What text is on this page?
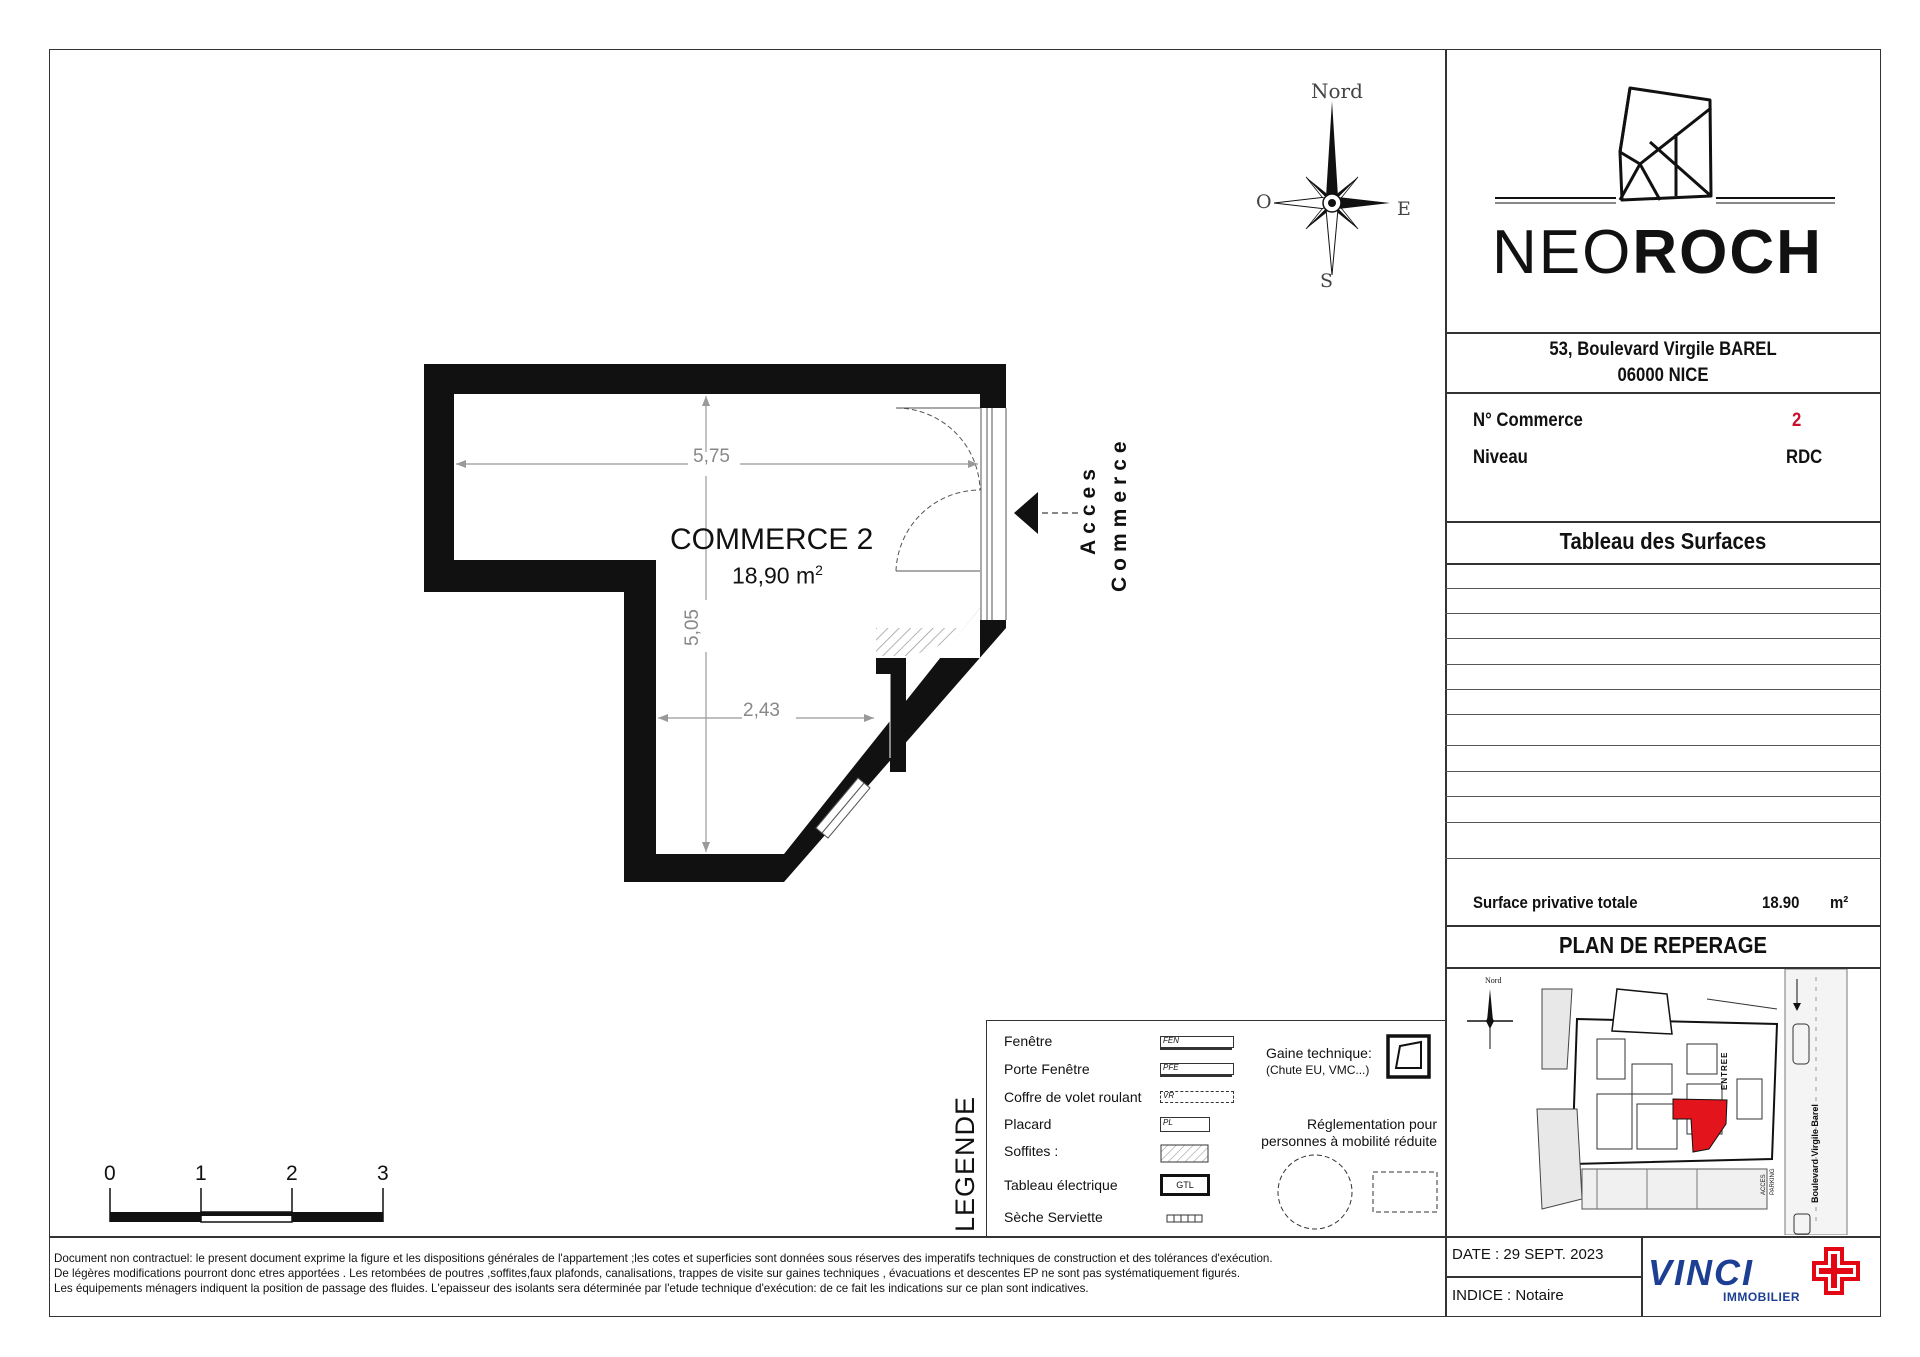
NEOROCH
53, Boulevard Virgile BAREL
06000 NICE
N° Commerce	2
Niveau	RDC
Tableau des Surfaces
Surface privative totale	18.90 m²
PLAN DE REPERAGE
Nord
ENTREE
ACCES PARKING	Boulevard Virgile Barel
Document non contractuel: le present document exprime la figure et les dispositions générales de l'appartement ;les cotes et superficies sont données sous réserves des imperatifs techniques de construction et des tolérances d'exécution.
De légères modifications pourront donc etres apportées . Les retombées de poutres ,soffites,faux plafonds, canalisations, trappes de visite sur gaines techniques , évacuations et descentes EP ne sont pas systématiquement figurés.
Les équipements ménagers indiquent la position de passage des fluides. L'epaisseur des isolants sera déterminée par l'etude technique d'exécution: de ce fait les indications sur ce plan sont indicatives.
DATE : 29 SEPT. 2023
INDICE : Notaire
VINCI
IMMOBILIER
Nord
O	E
S
5,75
2,43
5,05
COMMERCE 2
18,90 $m^2$
Acces Commerce
0	1	2	3	LEGENDE
Fenêtre
Porte Fenêtre
Coffre de volet roulant
Placard
Soffites :
Tableau électrique
Sèche Serviette
FEN
PFE
VR
PL
GTL
Gaine technique:
(Chute EU, VMC...)
Réglementation pour
personnes à mobilité réduite
